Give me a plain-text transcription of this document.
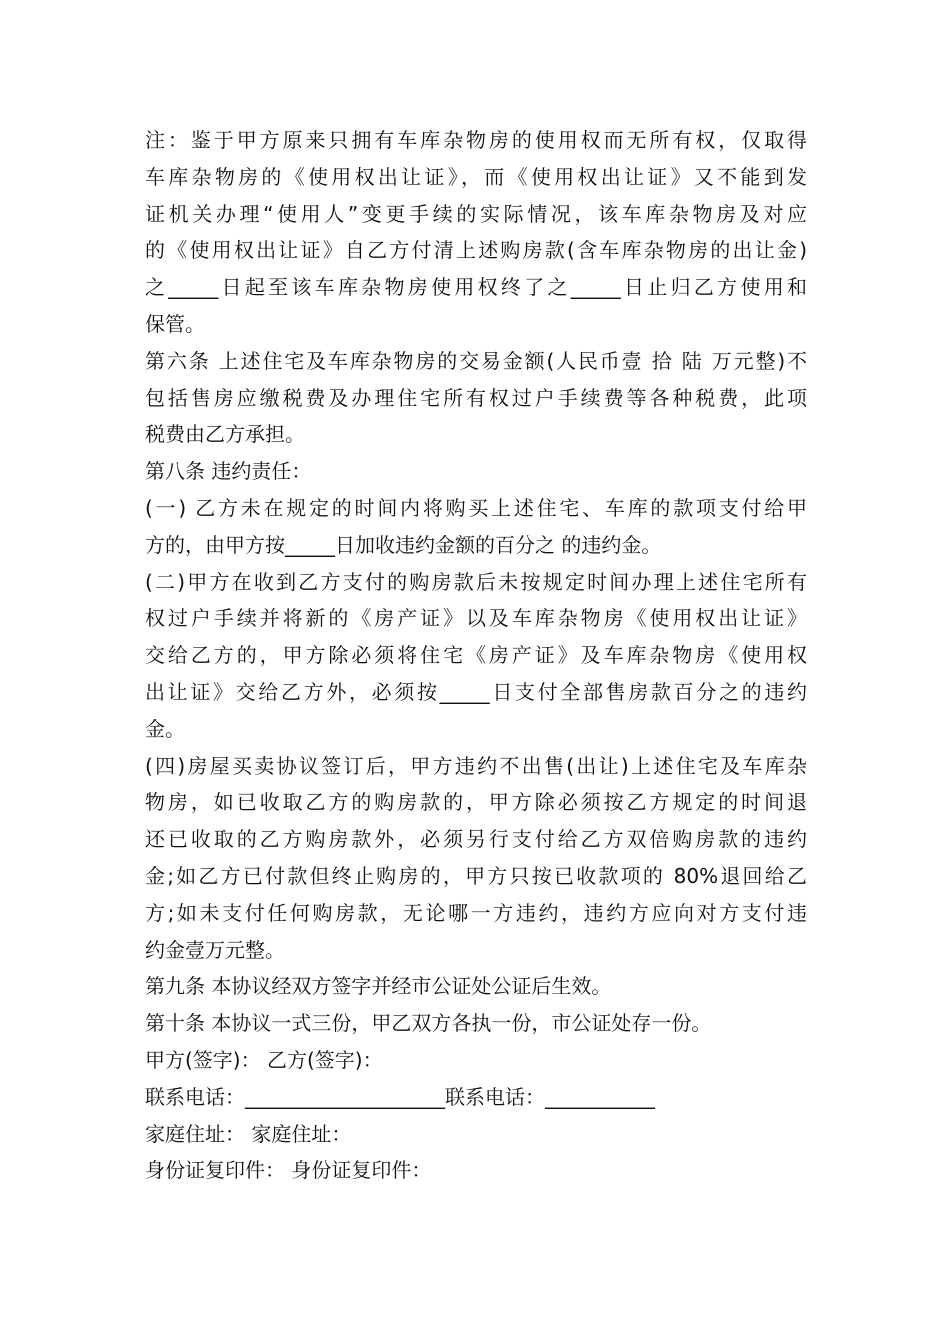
注：鉴于甲方原来只拥有车库杂物房的使用权而无所有权，仅取得
车库杂物房的《使用权出让证》，而《使用权出让证》又不能到发
证机关办理“使用人”变更手续的实际情况，该车库杂物房及对应
的《使用权出让证》自乙方付清上述购房款(含车库杂物房的出让金)
之_____日起至该车库杂物房使用权终了之_____日止归乙方使用和
保管。
第六条 上述住宅及车库杂物房的交易金额(人民币壹 拾 陆 万元整)不
包括售房应缴税费及办理住宅所有权过户手续费等各种税费，此项
税费由乙方承担。
第八条 违约责任：
(一) 乙方未在规定的时间内将购买上述住宅、车库的款项支付给甲
方的，由甲方按_____日加收违约金额的百分之 的违约金。
(二)甲方在收到乙方支付的购房款后未按规定时间办理上述住宅所有
权过户手续并将新的《房产证》以及车库杂物房《使用权出让证》
交给乙方的，甲方除必须将住宅《房产证》及车库杂物房《使用权
出让证》交给乙方外，必须按_____日支付全部售房款百分之的违约
金。
(四)房屋买卖协议签订后，甲方违约不出售(出让)上述住宅及车库杂
物房，如已收取乙方的购房款的，甲方除必须按乙方规定的时间退
还已收取的乙方购房款外，必须另行支付给乙方双倍购房款的违约
金;如乙方已付款但终止购房的，甲方只按已收款项的 80%退回给乙
方;如未支付任何购房款，无论哪一方违约，违约方应向对方支付违
约金壹万元整。
第九条 本协议经双方签字并经市公证处公证后生效。
第十条 本协议一式三份，甲乙双方各执一份，市公证处存一份。
甲方(签字)： 乙方(签字)：
联系电话：____________________联系电话：___________
家庭住址： 家庭住址：
身份证复印件： 身份证复印件：
